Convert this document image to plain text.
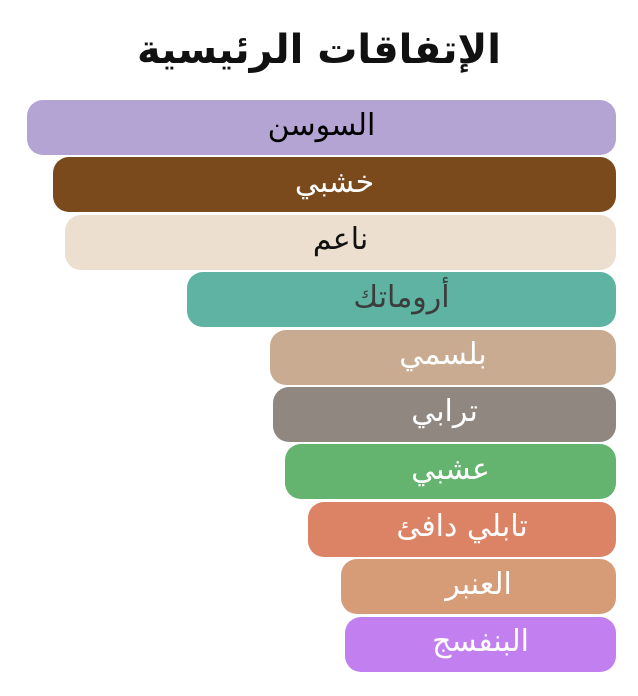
الإتفاقات الرئيسية
السوسن
خشبي
ناعم
أروماتك
بلسمي
ترابي
عشبي
تابلي دافئ
العنبر
البنفسج
